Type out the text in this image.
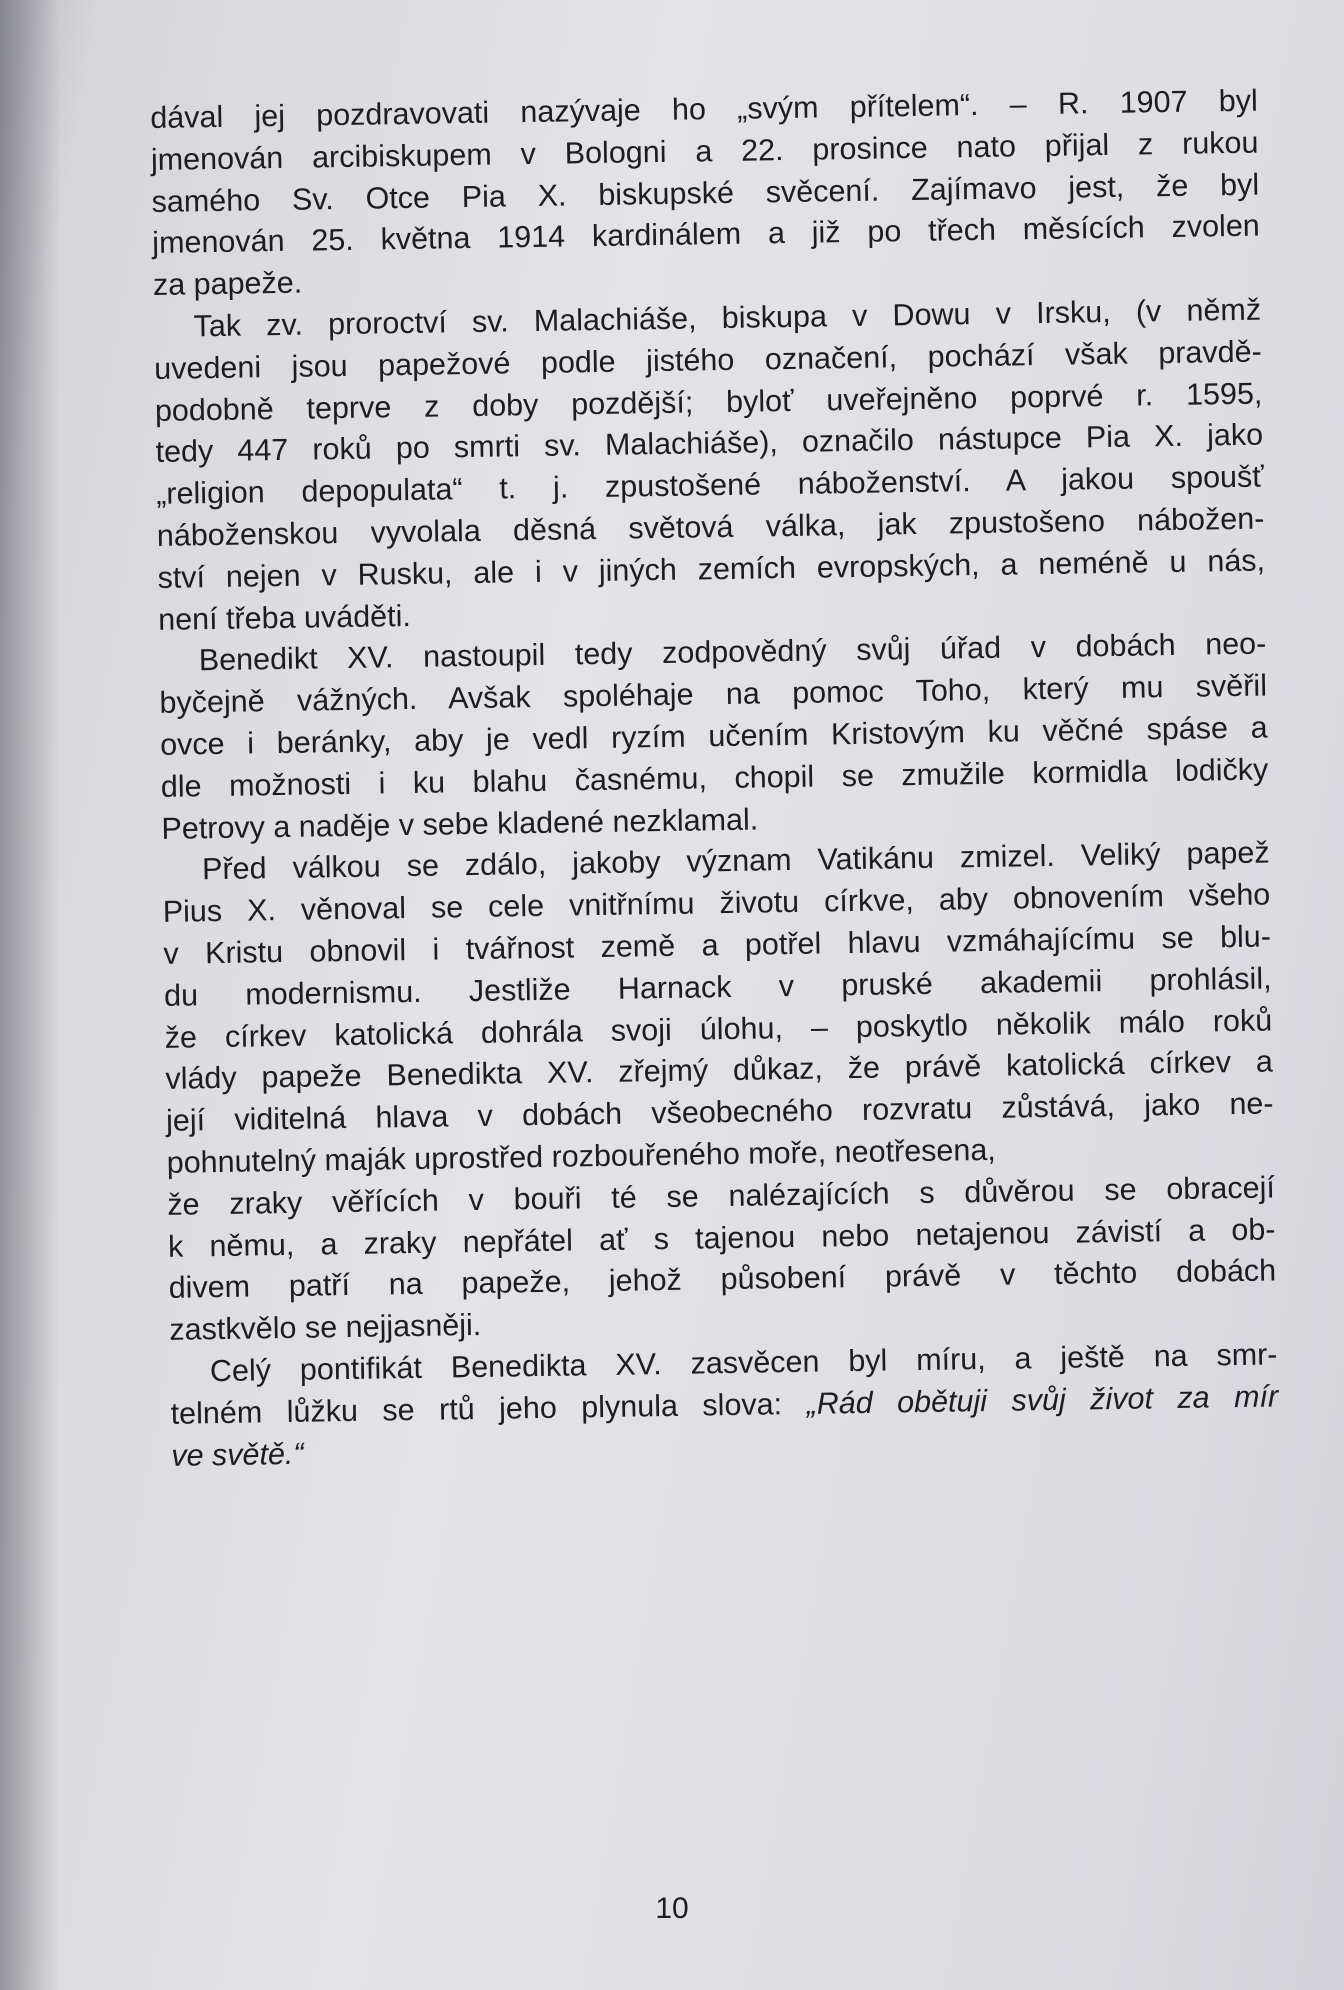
dával jej pozdravovati nazývaje ho „svým přítelem“. – R. 1907 byl
jmenován arcibiskupem v Bologni a 22. prosince nato přijal z rukou
samého Sv. Otce Pia X. biskupské svěcení. Zajímavo jest, že byl
jmenován 25. května 1914 kardinálem a již po třech měsících zvolen
za papeže.

Tak zv. proroctví sv. Malachiáše, biskupa v Dowu v Irsku, (v němž
uvedeni jsou papežové podle jistého označení, pochází však pravdě-
podobně teprve z doby pozdější; byloť uveřejněno poprvé r. 1595,
tedy 447 roků po smrti sv. Malachiáše), označilo nástupce Pia X. jako
„religion depopulata“ t. j. zpustošené náboženství. A jakou spoušť
náboženskou vyvolala děsná světová válka, jak zpustošeno nábožen-
ství nejen v Rusku, ale i v jiných zemích evropských, a neméně u nás,
není třeba uváděti.

Benedikt XV. nastoupil tedy zodpovědný svůj úřad v dobách neo-
byčejně vážných. Avšak spoléhaje na pomoc Toho, který mu svěřil
ovce i beránky, aby je vedl ryzím učením Kristovým ku věčné spáse a
dle možnosti i ku blahu časnému, chopil se zmužile kormidla lodičky
Petrovy a naděje v sebe kladené nezklamal.

Před válkou se zdálo, jakoby význam Vatikánu zmizel. Veliký papež
Pius X. věnoval se cele vnitřnímu životu církve, aby obnovením všeho
v Kristu obnovil i tvářnost země a potřel hlavu vzmáhajícímu se blu-
du modernismu. Jestliže Harnack v pruské akademii prohlásil,
že církev katolická dohrála svoji úlohu, – poskytlo několik málo roků
vlády papeže Benedikta XV. zřejmý důkaz, že právě katolická církev a
její viditelná hlava v dobách všeobecného rozvratu zůstává, jako ne-
pohnutelný maják uprostřed rozbouřeného moře, neotřesena,
že zraky věřících v bouři té se nalézajících s důvěrou se obracejí
k němu, a zraky nepřátel ať s tajenou nebo netajenou závistí a ob-
divem patří na papeže, jehož působení právě v těchto dobách
zastkvělo se nejjasněji.

Celý pontifikát Benedikta XV. zasvěcen byl míru, a ještě na smr-
telném lůžku se rtů jeho plynula slova: „Rád obětuji svůj život za mír
ve světě.“

10
